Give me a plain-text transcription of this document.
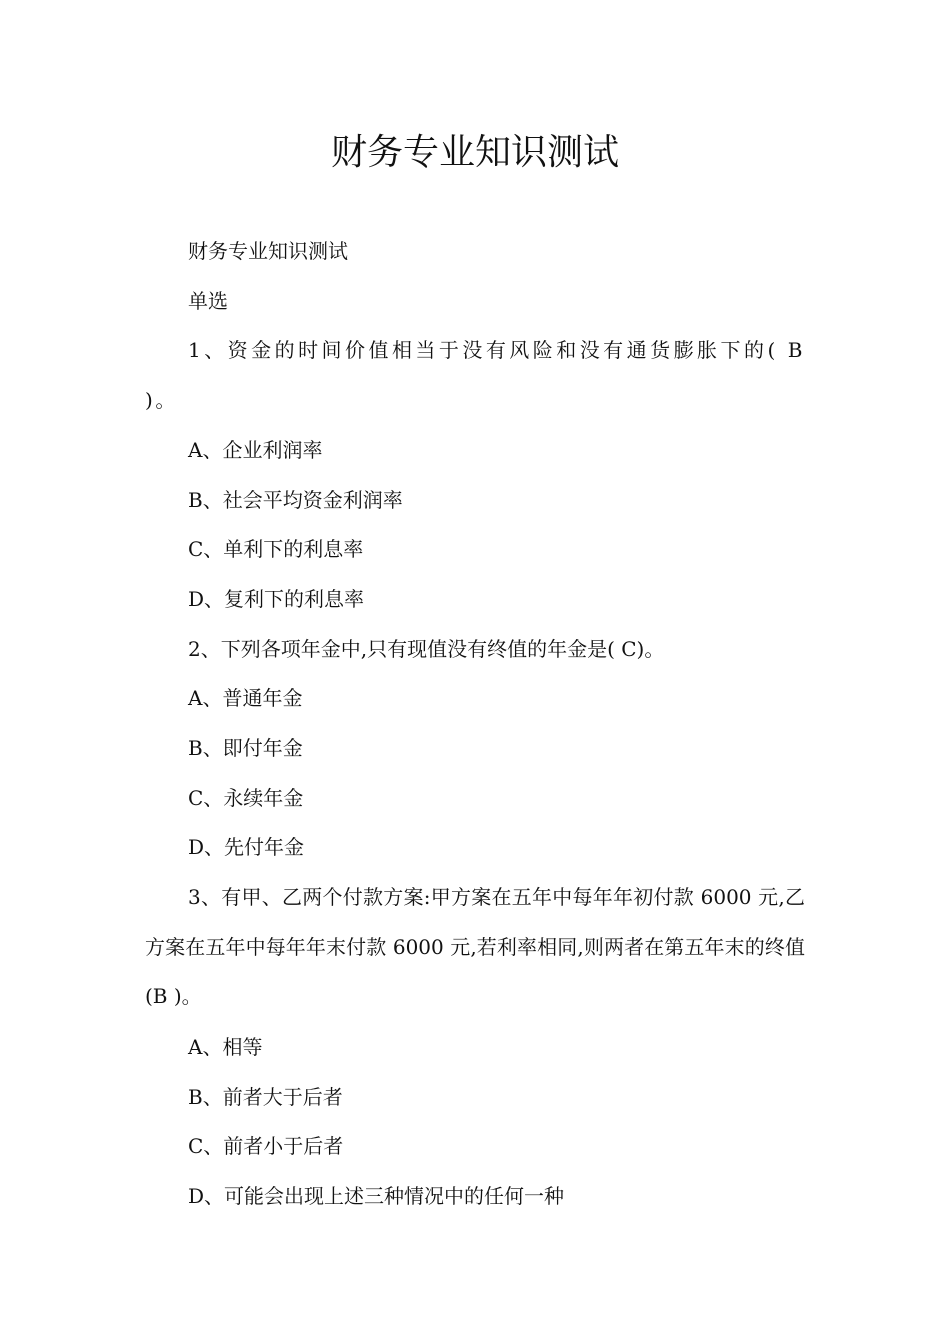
财务专业知识测试

财务专业知识测试

单选

1、资金的时间价值相当于没有风险和没有通货膨胀下的( B )。

A、企业利润率

B、社会平均资金利润率

C、单利下的利息率

D、复利下的利息率

2、下列各项年金中,只有现值没有终值的年金是( C)。

A、普通年金

B、即付年金

C、永续年金

D、先付年金

3、有甲、乙两个付款方案:甲方案在五年中每年年初付款 6000 元,乙方案在五年中每年年末付款 6000 元,若利率相同,则两者在第五年末的终值(B )。

A、相等

B、前者大于后者

C、前者小于后者

D、可能会出现上述三种情况中的任何一种
